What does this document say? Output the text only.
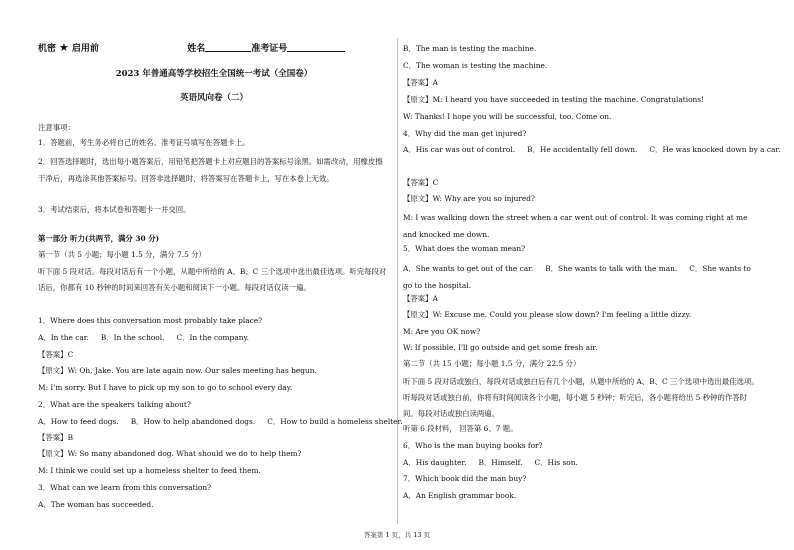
机密 ★ 启用前	姓名	准考证号
2023 年普通高等学校招生全国统一考试（全国卷）
英语风向卷（二）
注意事项：
1．答题前，考生务必将自己的姓名、准考证号填写在答题卡上。
2．回答选择题时，选出每小题答案后，用铅笔把答题卡上对应题目的答案标号涂黑。如需改动，用橡皮擦干净后，再选涂其他答案标号。回答非选择题时，将答案写在答题卡上，写在本卷上无效。
3．考试结束后，将本试卷和答题卡一并交回。
第一部分 听力(共两节，满分 30 分)
第一节（共 5 小题；每小题 1.5 分，满分 7.5 分）
听下面 5 段对话。每段对话后有一个小题，从题中所给的 A、B、C 三个选项中选出最佳选项。听完每段对话后，你都有 10 秒钟的时间来回答有关小题和阅读下一小题。每段对话仅读一遍。
1．Where does this conversation most probably take place?
A．In the car. B．In the school. C．In the company.
【答案】C
【原文】W: Oh, Jake. You are late again now. Our sales meeting has begun.
M: I'm sorry. But I have to pick up my son to go to school every day.
2．What are the speakers talking about?
A．How to feed dogs. B．How to help abandoned dogs. C．How to build a homeless shelter.
【答案】B
【原文】W: So many abandoned dog. What should we do to help them?
M: I think we could set up a homeless shelter to feed them.
3．What can we learn from this conversation?
A．The woman has succeeded.
B．The man is testing the machine.
C．The woman is testing the machine.
【答案】A
【原文】M: I heard you have succeeded in testing the machine. Congratulations!
W: Thanks! I hope you will be successful, too. Come on.
4．Why did the man get injured?
A．His car was out of control. B．He accidentally fell down. C．He was knocked down by a car.
【答案】C
【原文】W: Why are you so injured?
M: I was walking down the street when a car went out of control. It was coming right at me and knocked me down.
5．What does the woman mean?
A．She wants to get out of the car. B．She wants to talk with the man. C．She wants to go to the hospital.
【答案】A
【原文】W: Excuse me. Could you please slow down? I'm feeling a little dizzy.
M: Are you OK now?
W: If possible, I'll go outside and get some fresh air.
第二节（共 15 小题；每小题 1.5 分，满分 22.5 分）
听下面 5 段对话或独白，每段对话或独白后有几个小题，从题中所给的 A、B、C 三个选项中选出最佳选项。听每段对话或独白前，你将有时间阅读各个小题，每小题 5 秒钟；听完后，各小题将给出 5 秒钟的作答时间。每段对话或独白读两遍。
听第 6 段材料， 回答第 6、7 题。
6．Who is the man buying books for?
A．His daughter. B．Himself. C．His son.
7．Which book did the man buy?
A．An English grammar book.
答案第 1 页，共 13 页
